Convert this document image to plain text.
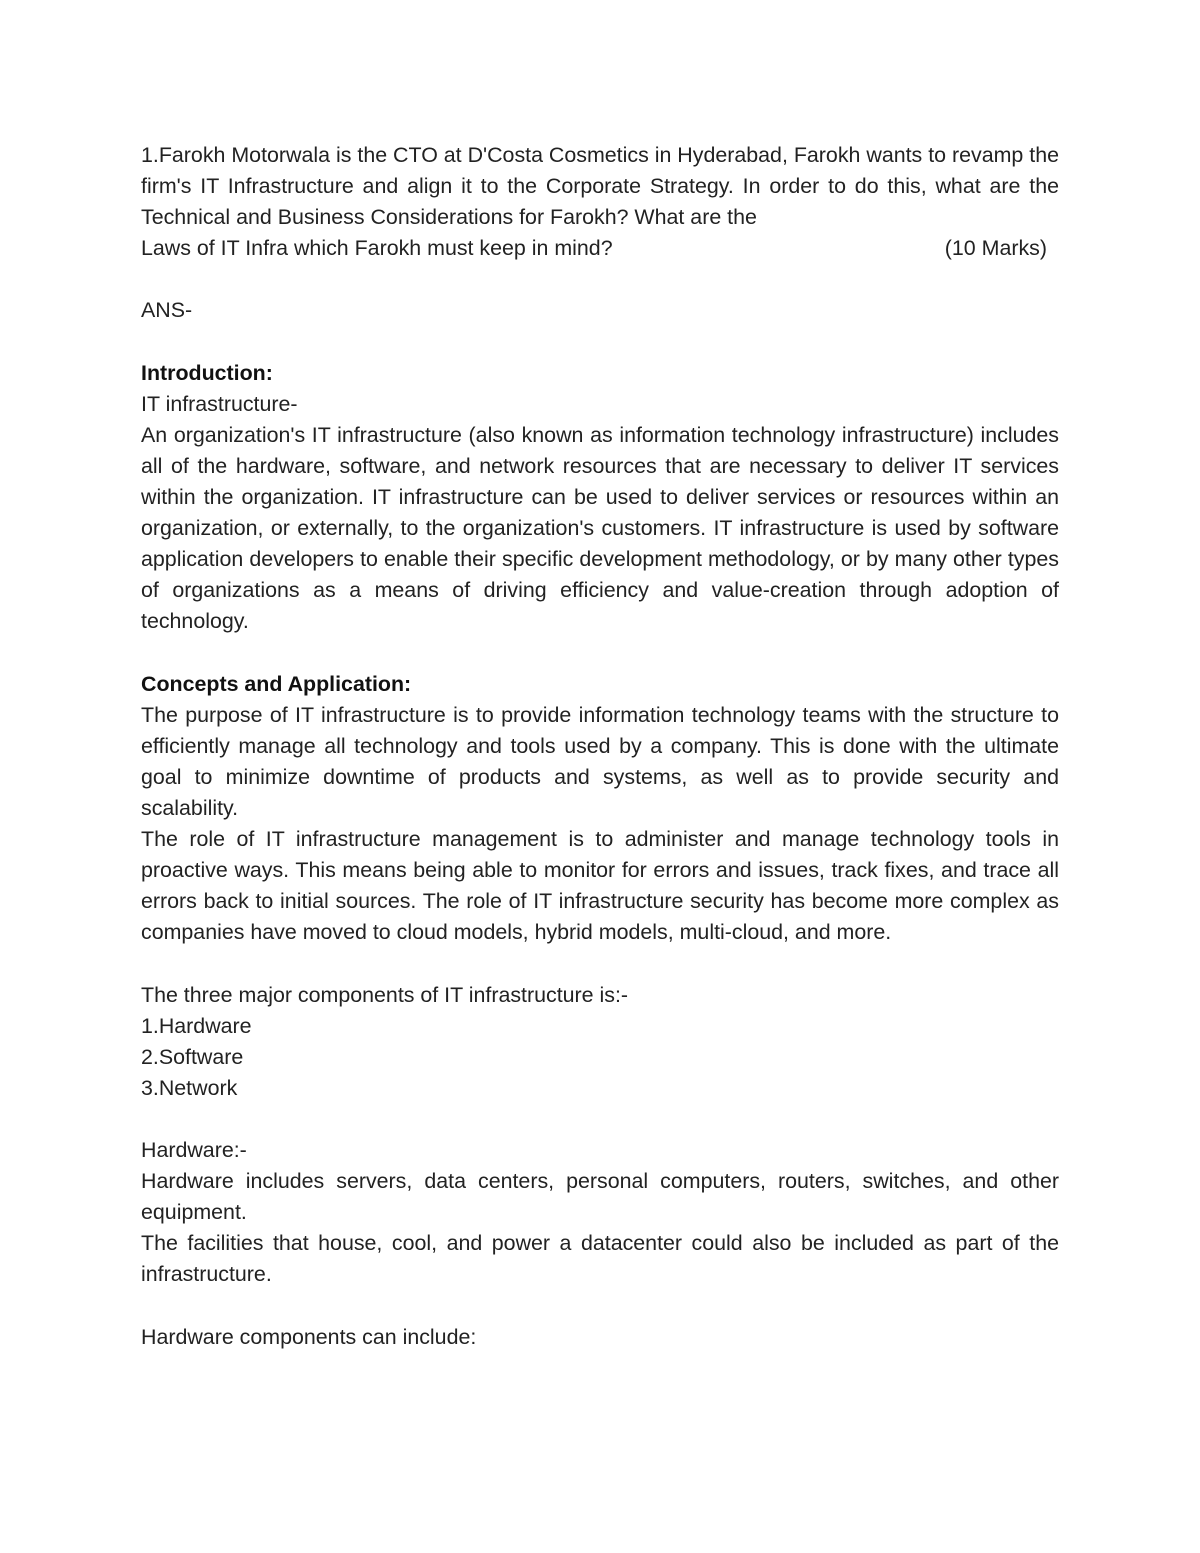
1.Farokh Motorwala is the CTO at D'Costa Cosmetics in Hyderabad, Farokh wants to revamp the firm's IT Infrastructure and align it to the Corporate Strategy. In order to do this, what are the Technical and Business Considerations for Farokh? What are the

Laws of IT Infra which Farokh must keep in mind?	(10 Marks)

ANS-

Introduction:

IT infrastructure-

An organization's IT infrastructure (also known as information technology infrastructure) includes all of the hardware, software, and network resources that are necessary to deliver IT services within the organization. IT infrastructure can be used to deliver services or resources within an organization, or externally, to the organization's customers. IT infrastructure is used by software application developers to enable their specific development methodology, or by many other types of organizations as a means of driving efficiency and value-creation through adoption of technology.

Concepts and Application:

The purpose of IT infrastructure is to provide information technology teams with the structure to efficiently manage all technology and tools used by a company. This is done with the ultimate goal to minimize downtime of products and systems, as well as to provide security and scalability.

The role of IT infrastructure management is to administer and manage technology tools in proactive ways. This means being able to monitor for errors and issues, track fixes, and trace all errors back to initial sources. The role of IT infrastructure security has become more complex as companies have moved to cloud models, hybrid models, multi-cloud, and more.

The three major components of IT infrastructure is:-

1.Hardware

2.Software

3.Network

Hardware:-

Hardware includes servers, data centers, personal computers, routers, switches, and other equipment.

The facilities that house, cool, and power a datacenter could also be included as part of the infrastructure.

Hardware components can include:
